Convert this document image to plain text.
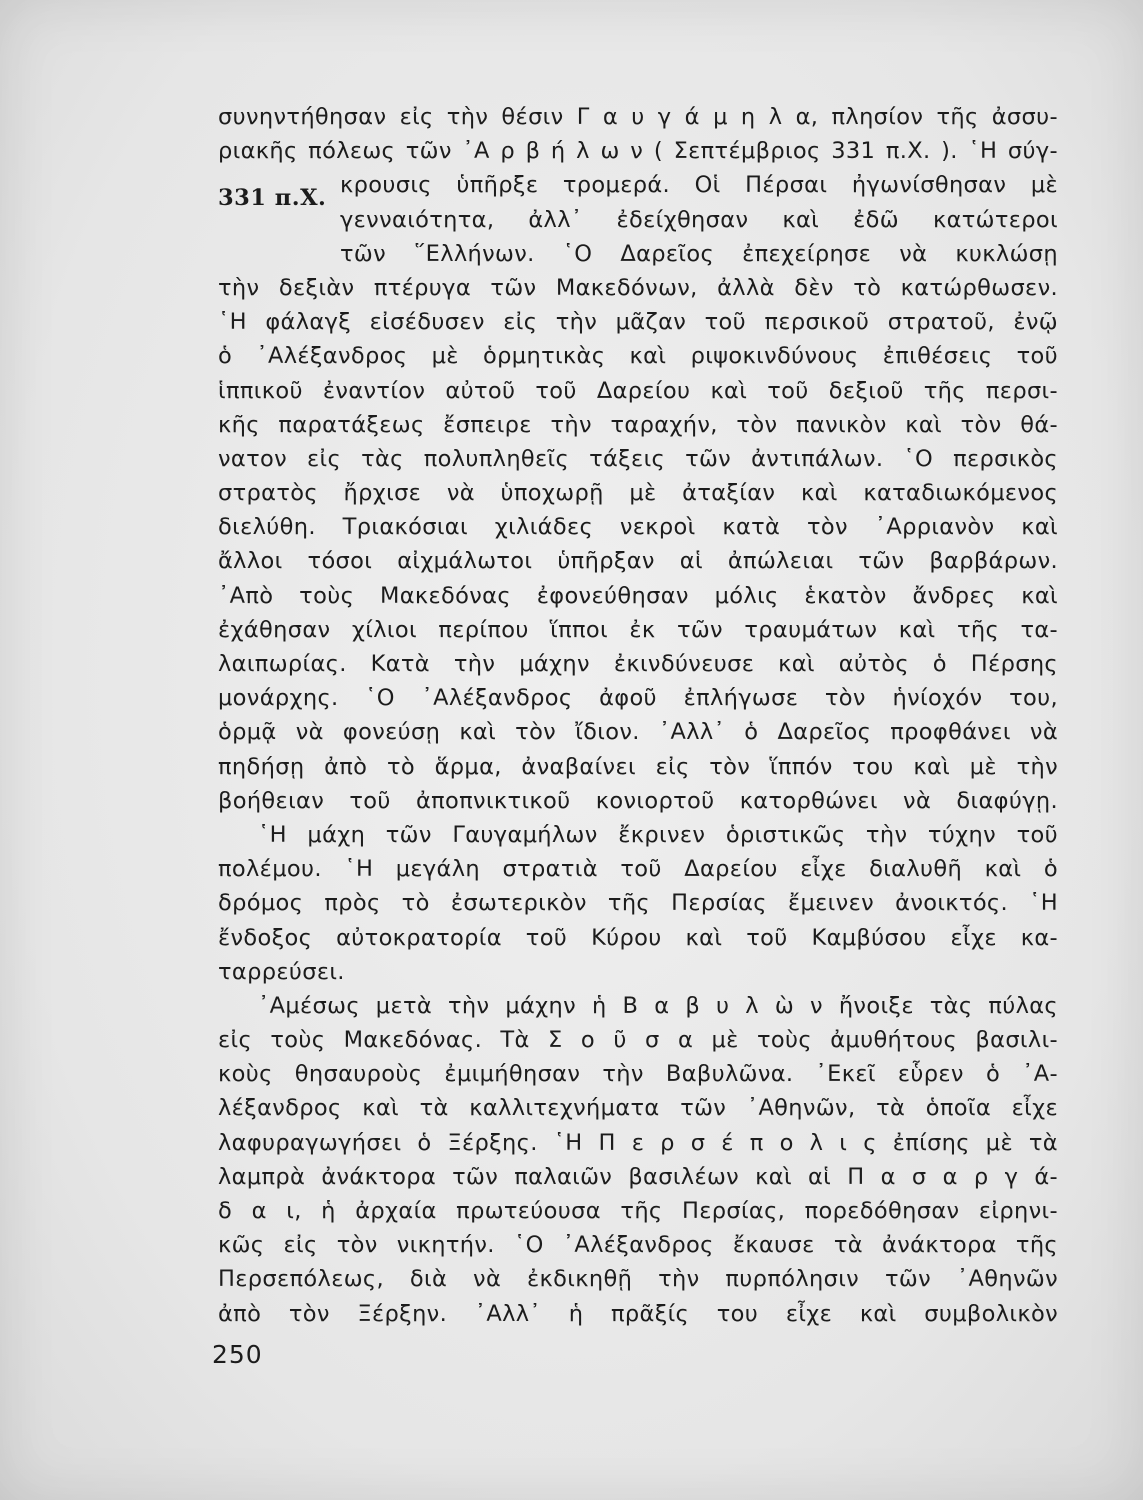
331 π.Χ.
συνηντήθησαν εἰς τὴν θέσιν Γ α υ γ ά μ η λ α, πλησίον τῆς ἀσσυ-
ριακῆς πόλεως τῶν ᾿Α ρ β ή λ ω ν ( Σεπτέμβριος 331 π.Χ. ). ῾Η σύγ-
κρουσις ὑπῆρξε τρομερά. Οἱ Πέρσαι ἠγωνίσθησαν μὲ
γενναιότητα, ἀλλ᾿ ἐδείχθησαν καὶ ἐδῶ κατώτεροι
τῶν ῞Ελλήνων. ῾Ο Δαρεῖος ἐπεχείρησε νὰ κυκλώσῃ
τὴν δεξιὰν πτέρυγα τῶν Μακεδόνων, ἀλλὰ δὲν τὸ κατώρθωσεν.
῾Η φάλαγξ εἰσέδυσεν εἰς τὴν μᾶζαν τοῦ περσικοῦ στρατοῦ, ἐνῷ
ὁ ᾿Αλέξανδρος μὲ ὁρμητικὰς καὶ ριψοκινδύνους ἐπιθέσεις τοῦ
ἱππικοῦ ἐναντίον αὐτοῦ τοῦ Δαρείου καὶ τοῦ δεξιοῦ τῆς περσι-
κῆς παρατάξεως ἔσπειρε τὴν ταραχήν, τὸν πανικὸν καὶ τὸν θά-
νατον εἰς τὰς πολυπληθεῖς τάξεις τῶν ἀντιπάλων. ῾Ο περσικὸς
στρατὸς ἤρχισε νὰ ὑποχωρῇ μὲ ἀταξίαν καὶ καταδιωκόμενος
διελύθη. Τριακόσιαι χιλιάδες νεκροὶ κατὰ τὸν ᾿Αρριανὸν καὶ
ἄλλοι τόσοι αἰχμάλωτοι ὑπῆρξαν αἱ ἀπώλειαι τῶν βαρβάρων.
᾿Απὸ τοὺς Μακεδόνας ἐφονεύθησαν μόλις ἑκατὸν ἄνδρες καὶ
ἐχάθησαν χίλιοι περίπου ἵπποι ἐκ τῶν τραυμάτων καὶ τῆς τα-
λαιπωρίας. Κατὰ τὴν μάχην ἐκινδύνευσε καὶ αὐτὸς ὁ Πέρσης
μονάρχης. ῾Ο ᾿Αλέξανδρος ἀφοῦ ἐπλήγωσε τὸν ἡνίοχόν του,
ὁρμᾷ νὰ φονεύσῃ καὶ τὸν ἴδιον. ᾿Αλλ᾿ ὁ Δαρεῖος προφθάνει νὰ
πηδήσῃ ἀπὸ τὸ ἅρμα, ἀναβαίνει εἰς τὸν ἵππόν του καὶ μὲ τὴν
βοήθειαν τοῦ ἀποπνικτικοῦ κονιορτοῦ κατορθώνει νὰ διαφύγῃ.
῾Η μάχη τῶν Γαυγαμήλων ἔκρινεν ὁριστικῶς τὴν τύχην τοῦ
πολέμου. ῾Η μεγάλη στρατιὰ τοῦ Δαρείου εἶχε διαλυθῆ καὶ ὁ
δρόμος πρὸς τὸ ἐσωτερικὸν τῆς Περσίας ἔμεινεν ἀνοικτός. ῾Η
ἔνδοξος αὐτοκρατορία τοῦ Κύρου καὶ τοῦ Καμβύσου εἶχε κα-
ταρρεύσει.
᾿Αμέσως μετὰ τὴν μάχην ἡ Β α β υ λ ὼ ν ἤνοιξε τὰς πύλας
εἰς τοὺς Μακεδόνας. Τὰ Σ ο ῦ σ α μὲ τοὺς ἀμυθήτους βασιλι-
κοὺς θησαυροὺς ἐμιμήθησαν τὴν Βαβυλῶνα. ᾿Εκεῖ εὗρεν ὁ ᾿Α-
λέξανδρος καὶ τὰ καλλιτεχνήματα τῶν ᾿Αθηνῶν, τὰ ὁποῖα εἶχε
λαφυραγωγήσει ὁ Ξέρξης. ῾Η Π ε ρ σ έ π ο λ ι ς ἐπίσης μὲ τὰ
λαμπρὰ ἀνάκτορα τῶν παλαιῶν βασιλέων καὶ αἱ Π α σ α ρ γ ά-
δ α ι, ἡ ἀρχαία πρωτεύουσα τῆς Περσίας, πορεδόθησαν εἰρηνι-
κῶς εἰς τὸν νικητήν. ῾Ο ᾿Αλέξανδρος ἔκαυσε τὰ ἀνάκτορα τῆς
Περσεπόλεως, διὰ νὰ ἐκδικηθῇ τὴν πυρπόλησιν τῶν ᾿Αθηνῶν
ἀπὸ τὸν Ξέρξην. ᾿Αλλ᾿ ἡ πρᾶξίς του εἶχε καὶ συμβολικὸν
250
